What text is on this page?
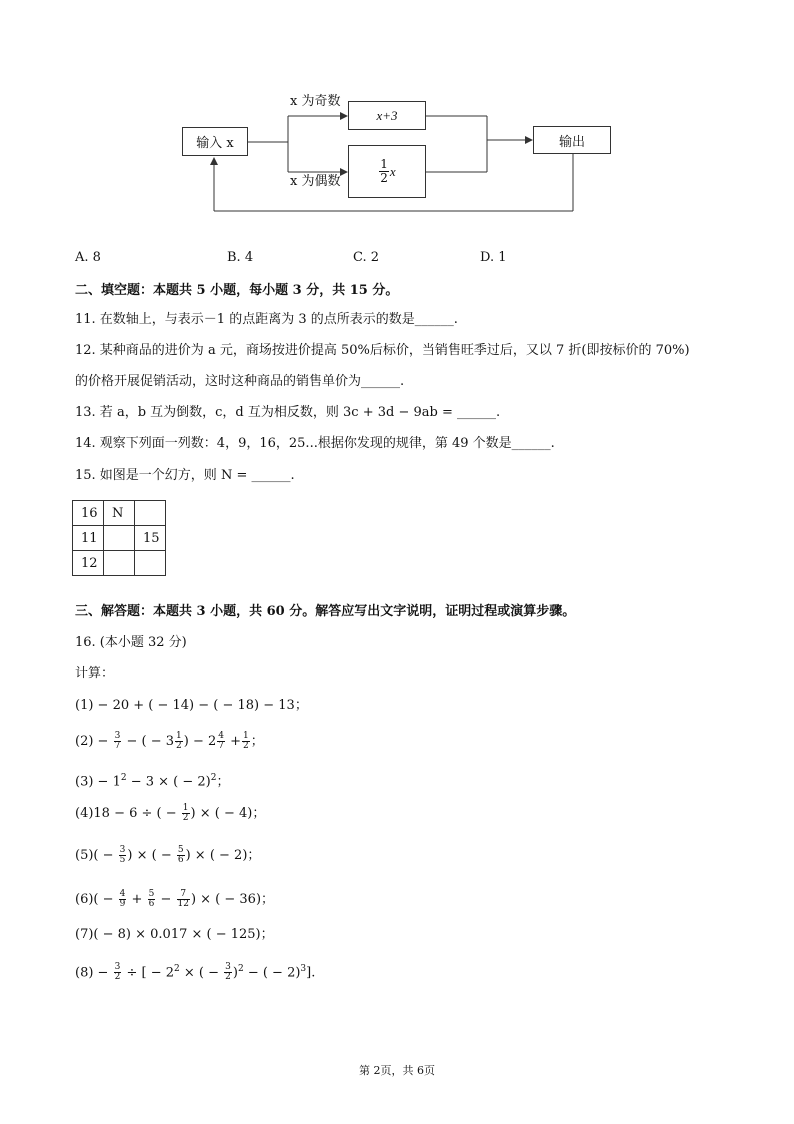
输入 x
x+3
$\frac{1}{2}$ x
输出
x 为奇数
x 为偶数
A. 8	B. 4	C. 2	D. 1
二、填空题：本题共 5 小题，每小题 3 分，共 15 分。
11. 在数轴上，与表示－1 的点距离为 3 的点所表示的数是______.
12. 某种商品的进价为 a 元，商场按进价提高 50%后标价，当销售旺季过后，又以 7 折(即按标价的 70%)
的价格开展促销活动，这时这种商品的销售单价为______.
13. 若 a，b 互为倒数，c，d 互为相反数，则 3c + 3d − 9ab = ______.
14. 观察下列面一列数：4，9，16，25...根据你发现的规律，第 49 个数是______.
15. 如图是一个幻方，则 N = ______.
16	N	
11		15
12		
三、解答题：本题共 3 小题，共 60 分。解答应写出文字说明，证明过程或演算步骤。
16. (本小题 32 分)
计算：
(1) − 20 + ( − 14) − ( − 18) − 13；
$(2) - \frac{3}{7}$ − ( − $3 \frac{1}{2}$ ) − $2 \frac{4}{7} + \frac{1}{2}$ ；
$(3) - 1^2 - 3$ × ( − 2)$^2$；
(4)18 − 6 ÷ ( − $\frac{1}{2}$ ) × ( − 4)；
$(5)( - \frac{3}{5}$ ) × ( − $\frac{5}{6}$ ) × ( − 2)；
$(6)( - \frac{4}{9} + \frac{5}{6} - \frac{7}{12}$ ) × ( − 36)；
(7)( − 8) × 0.017 × ( − 125)；
$(8) - \frac{3}{2}$ ÷ [ − $2^2$ × ( − $\frac{3}{2} )^2$ − ( − 2)$^3$].
第 2页，共 6页
